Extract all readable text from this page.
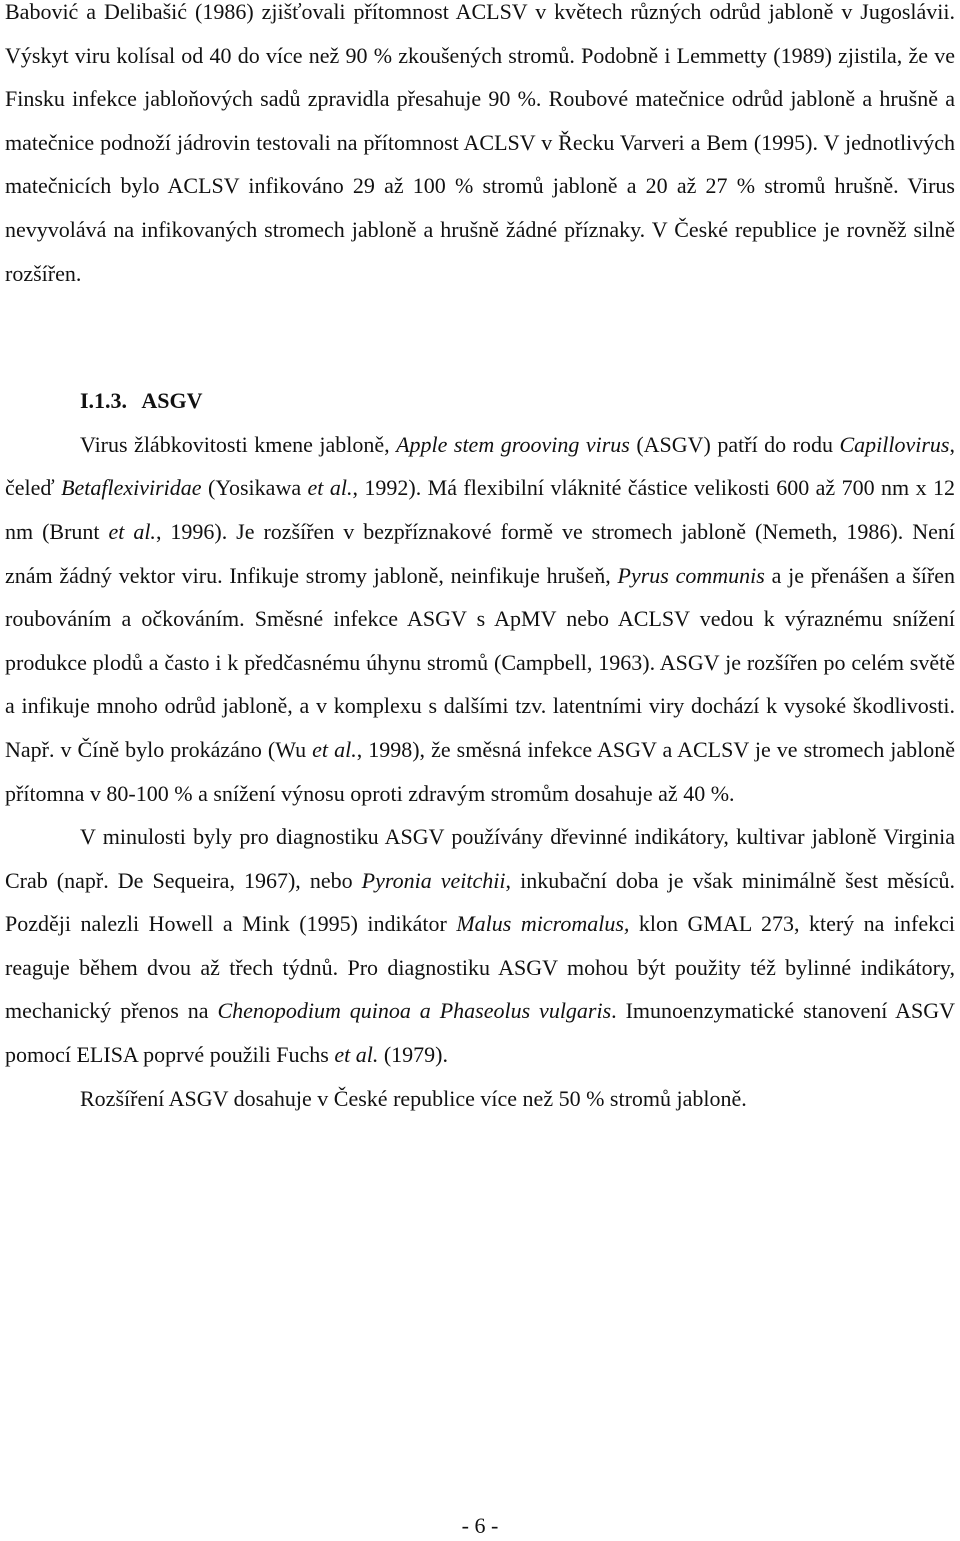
Babović a Delibašić (1986) zjišťovali přítomnost ACLSV v květech různých odrůd jabloně v Jugoslávii. Výskyt viru kolísal od 40 do více než 90 % zkoušených stromů. Podobně i Lemmetty (1989) zjistila, že ve Finsku infekce jabloňových sadů zpravidla přesahuje 90 %. Roubové matečnice odrůd jabloně a hrušně a matečnice podnoží jádrovin testovali na přítomnost ACLSV v Řecku Varveri a Bem (1995). V jednotlivých matečnicích bylo ACLSV infikováno 29 až 100 % stromů jabloně a 20 až 27 % stromů hrušně. Virus nevyvolává na infikovaných stromech jabloně a hrušně žádné příznaky. V České republice je rovněž silně rozšířen.

I.1.3. ASGV

Virus žlábkovitosti kmene jabloně, Apple stem grooving virus (ASGV) patří do rodu Capillovirus, čeleď Betaflexiviridae (Yosikawa et al., 1992). Má flexibilní vláknité částice velikosti 600 až 700 nm x 12 nm (Brunt et al., 1996). Je rozšířen v bezpříznakové formě ve stromech jabloně (Nemeth, 1986). Není znám žádný vektor viru. Infikuje stromy jabloně, neinfikuje hrušeň, Pyrus communis a je přenášen a šířen roubováním a očkováním. Směsné infekce ASGV s ApMV nebo ACLSV vedou k výraznému snížení produkce plodů a často i k předčasnému úhynu stromů (Campbell, 1963). ASGV je rozšířen po celém světě a infikuje mnoho odrůd jabloně, a v komplexu s dalšími tzv. latentními viry dochází k vysoké škodlivosti. Např. v Číně bylo prokázáno (Wu et al., 1998), že směsná infekce ASGV a ACLSV je ve stromech jabloně přítomna v 80-100 % a snížení výnosu oproti zdravým stromům dosahuje až 40 %.

V minulosti byly pro diagnostiku ASGV používány dřevinné indikátory, kultivar jabloně Virginia Crab (např. De Sequeira, 1967), nebo Pyronia veitchii, inkubační doba je však minimálně šest měsíců. Později nalezli Howell a Mink (1995) indikátor Malus micromalus, klon GMAL 273, který na infekci reaguje během dvou až třech týdnů. Pro diagnostiku ASGV mohou být použity též bylinné indikátory, mechanický přenos na Chenopodium quinoa a Phaseolus vulgaris. Imunoenzymatické stanovení ASGV pomocí ELISA poprvé použili Fuchs et al. (1979).

Rozšíření ASGV dosahuje v České republice více než 50 % stromů jabloně.

- 6 -
